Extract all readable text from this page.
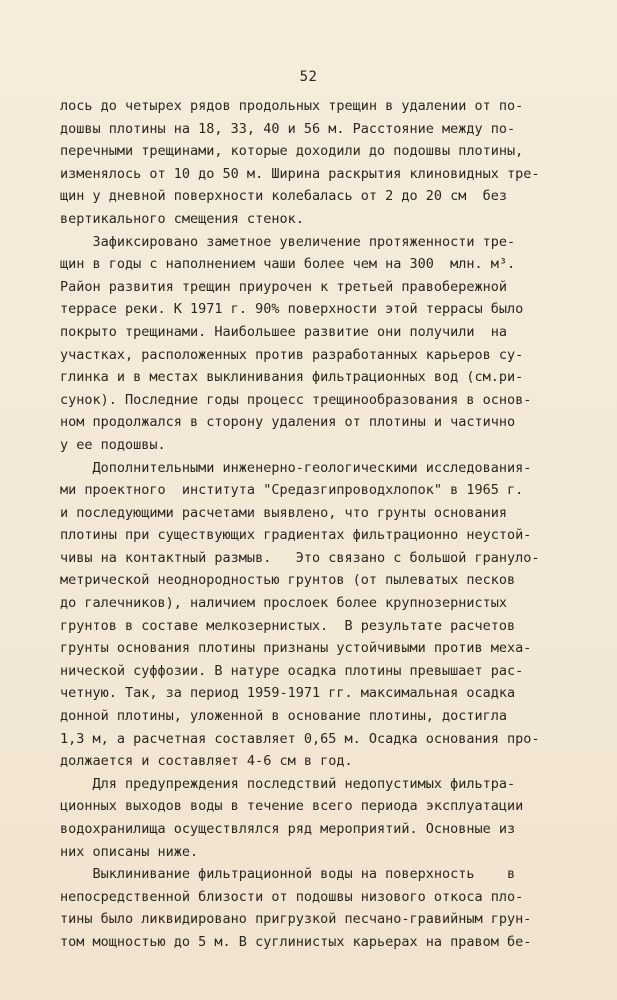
52
лось до четырех рядов продольных трещин в удалении от по-
дошвы плотины на 18, 33, 40 и 56 м. Расстояние между по-
перечными трещинами, которые доходили до подошвы плотины,
изменялось от 10 до 50 м. Ширина раскрытия клиновидных тре-
щин у дневной поверхности колебалась от 2 до 20 см  без
вертикального смещения стенок.
Зафиксировано заметное увеличение протяженности тре-
щин в годы с наполнением чаши более чем на 300  млн. м³.
Район развития трещин приурочен к третьей правобережной
террасе реки. К 1971 г. 90% поверхности этой террасы было
покрыто трещинами. Наибольшее развитие они получили  на
участках, расположенных против разработанных карьеров су-
глинка и в местах выклинивания фильтрационных вод (см.ри-
сунок). Последние годы процесс трещинообразования в основ-
ном продолжался в сторону удаления от плотины и частично
у ее подошвы.
Дополнительными инженерно-геологическими исследования-
ми проектного  института "Средазгипроводхлопок" в 1965 г.
и последующими расчетами выявлено, что грунты основания
плотины при существующих градиентах фильтрационно неустой-
чивы на контактный размыв.   Это связано с большой грануло-
метрической неоднородностью грунтов (от пылеватых песков
до галечников), наличием прослоек более крупнозернистых
грунтов в составе мелкозернистых.  В результате расчетов
грунты основания плотины признаны устойчивыми против меха-
нической суффозии. В натуре осадка плотины превышает рас-
четную. Так, за период 1959-1971 гг. максимальная осадка
донной плотины, уложенной в основание плотины, достигла
1,3 м, а расчетная составляет 0,65 м. Осадка основания про-
должается и составляет 4-6 см в год.
Для предупреждения последствий недопустимых фильтра-
ционных выходов воды в течение всего периода эксплуатации
водохранилища осуществлялся ряд мероприятий. Основные из
них описаны ниже.
Выклинивание фильтрационной воды на поверхность    в
непосредственной близости от подошвы низового откоса пло-
тины было ликвидировано пригрузкой песчано-гравийным грун-
том мощностью до 5 м. В суглинистых карьерах на правом бе-
